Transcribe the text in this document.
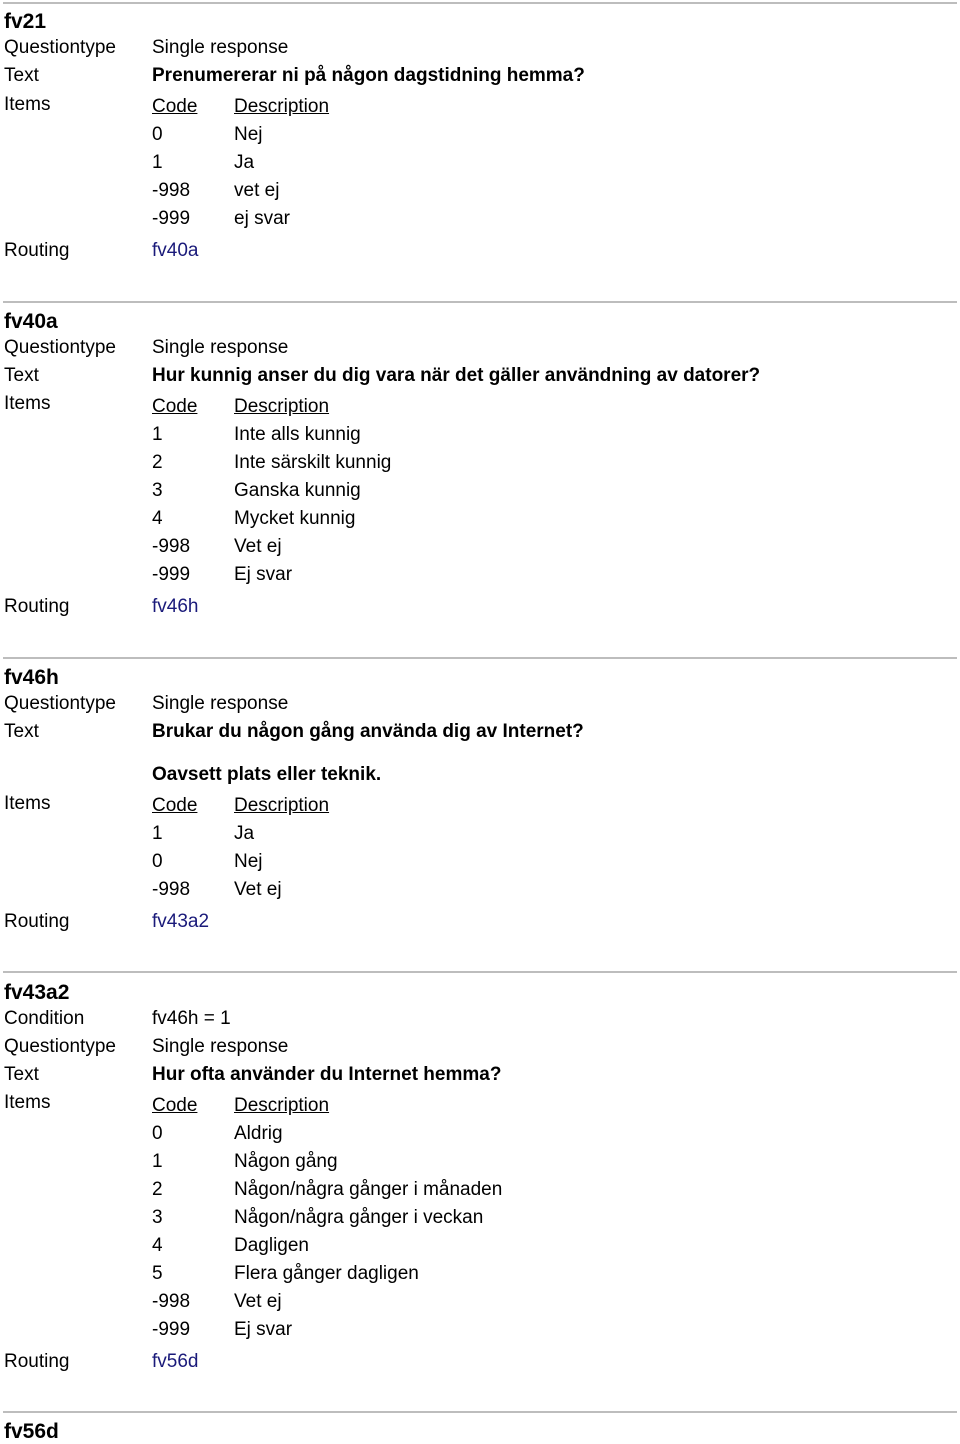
fv21
Questiontype Single response
Text	Prenumererar ni på någon dagstidning hemma?
Items	Code Description
0	Nej
1	Ja
-998 vet ej
-999 ej svar
Routing	fv40a
fv40a
Questiontype Single response
Text	Hur kunnig anser du dig vara när det gäller användning av datorer?
Items	Code Description
1	Inte alls kunnig
2	Inte särskilt kunnig
3	Ganska kunnig
4	Mycket kunnig
-998 Vet ej
-999 Ej svar
Routing	fv46h
fv46h
Questiontype Single response
Text	Brukar du någon gång använda dig av Internet?
Oavsett plats eller teknik.
Items	Code Description
1	Ja
0	Nej
-998 Vet ej
Routing	fv43a2
fv43a2
Condition	fv46h = 1
Questiontype Single response
Text	Hur ofta använder du Internet hemma?
Items	Code Description
0	Aldrig
1	Någon gång
2	Någon/några gånger i månaden
3	Någon/några gånger i veckan
4	Dagligen
5	Flera gånger dagligen
-998 Vet ej
-999 Ej svar
Routing	fv56d
fv56d
